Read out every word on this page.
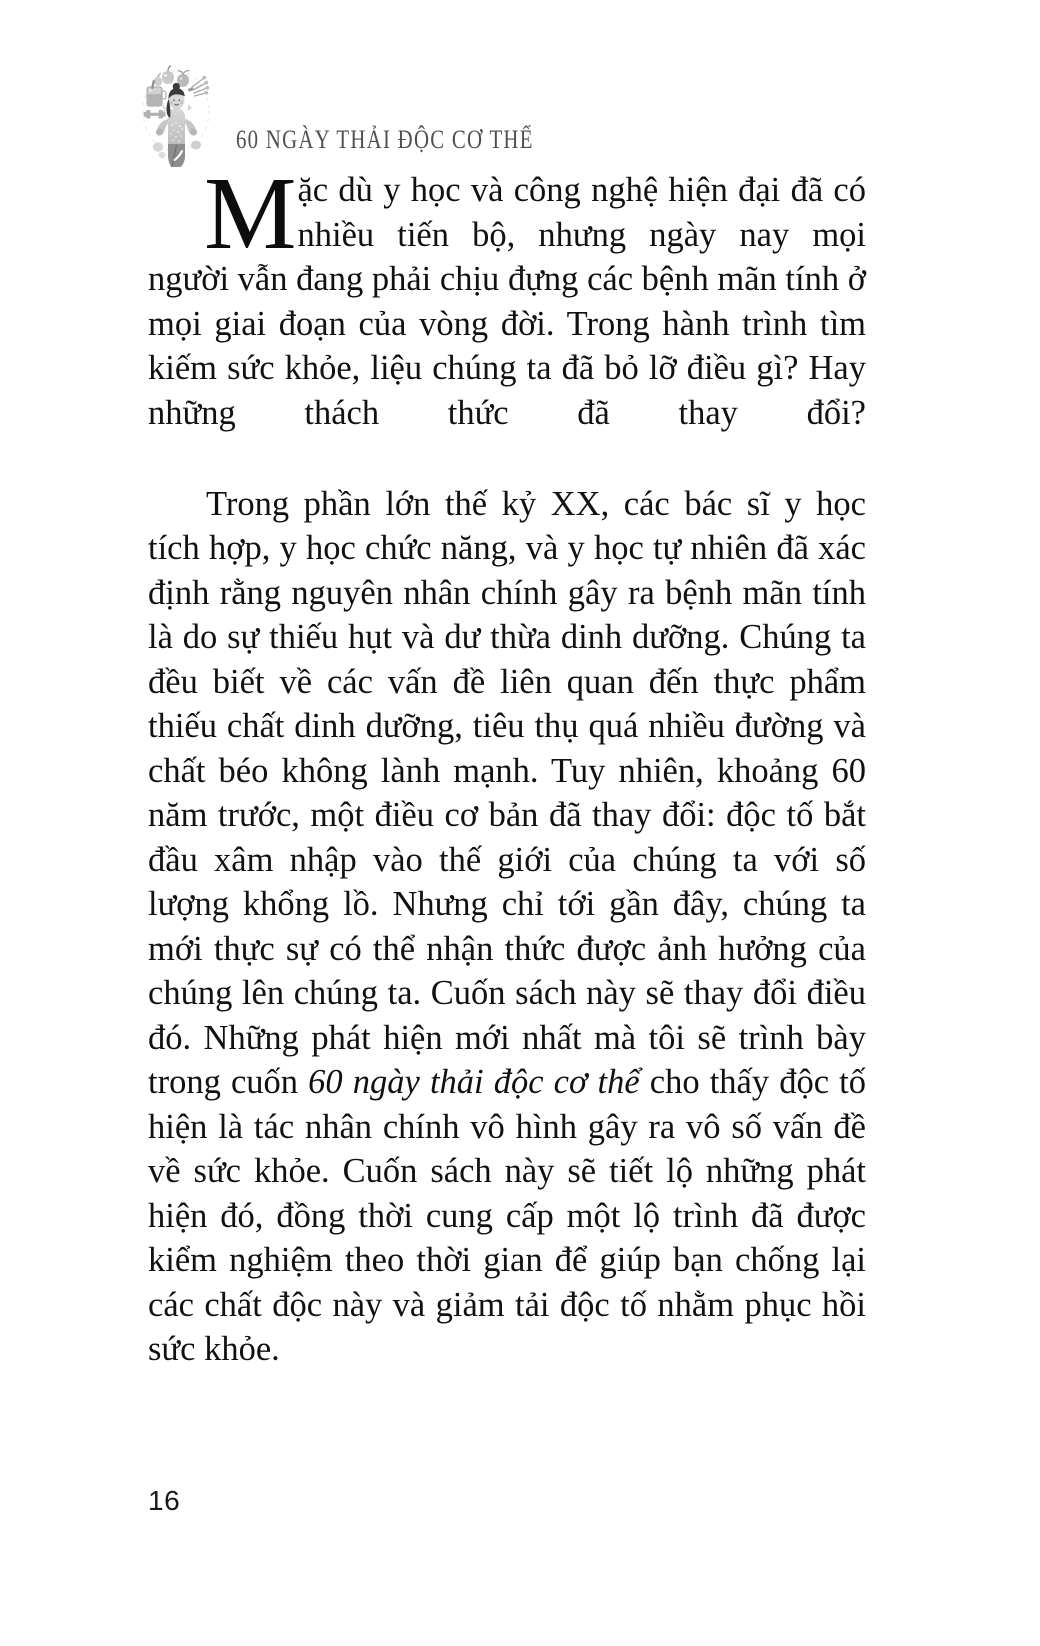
60 NGÀY THẢI ĐỘC CƠ THỂ

Mặc dù y học và công nghệ hiện đại đã có nhiều tiến bộ, nhưng ngày nay mọi người vẫn đang phải chịu đựng các bệnh mãn tính ở mọi giai đoạn của vòng đời. Trong hành trình tìm kiếm sức khỏe, liệu chúng ta đã bỏ lỡ điều gì? Hay những thách thức đã thay đổi?

Trong phần lớn thế kỷ XX, các bác sĩ y học tích hợp, y học chức năng, và y học tự nhiên đã xác định rằng nguyên nhân chính gây ra bệnh mãn tính là do sự thiếu hụt và dư thừa dinh dưỡng. Chúng ta đều biết về các vấn đề liên quan đến thực phẩm thiếu chất dinh dưỡng, tiêu thụ quá nhiều đường và chất béo không lành mạnh. Tuy nhiên, khoảng 60 năm trước, một điều cơ bản đã thay đổi: độc tố bắt đầu xâm nhập vào thế giới của chúng ta với số lượng khổng lồ. Nhưng chỉ tới gần đây, chúng ta mới thực sự có thể nhận thức được ảnh hưởng của chúng lên chúng ta. Cuốn sách này sẽ thay đổi điều đó. Những phát hiện mới nhất mà tôi sẽ trình bày trong cuốn 60 ngày thải độc cơ thể cho thấy độc tố hiện là tác nhân chính vô hình gây ra vô số vấn đề về sức khỏe. Cuốn sách này sẽ tiết lộ những phát hiện đó, đồng thời cung cấp một lộ trình đã được kiểm nghiệm theo thời gian để giúp bạn chống lại các chất độc này và giảm tải độc tố nhằm phục hồi sức khỏe.

16
